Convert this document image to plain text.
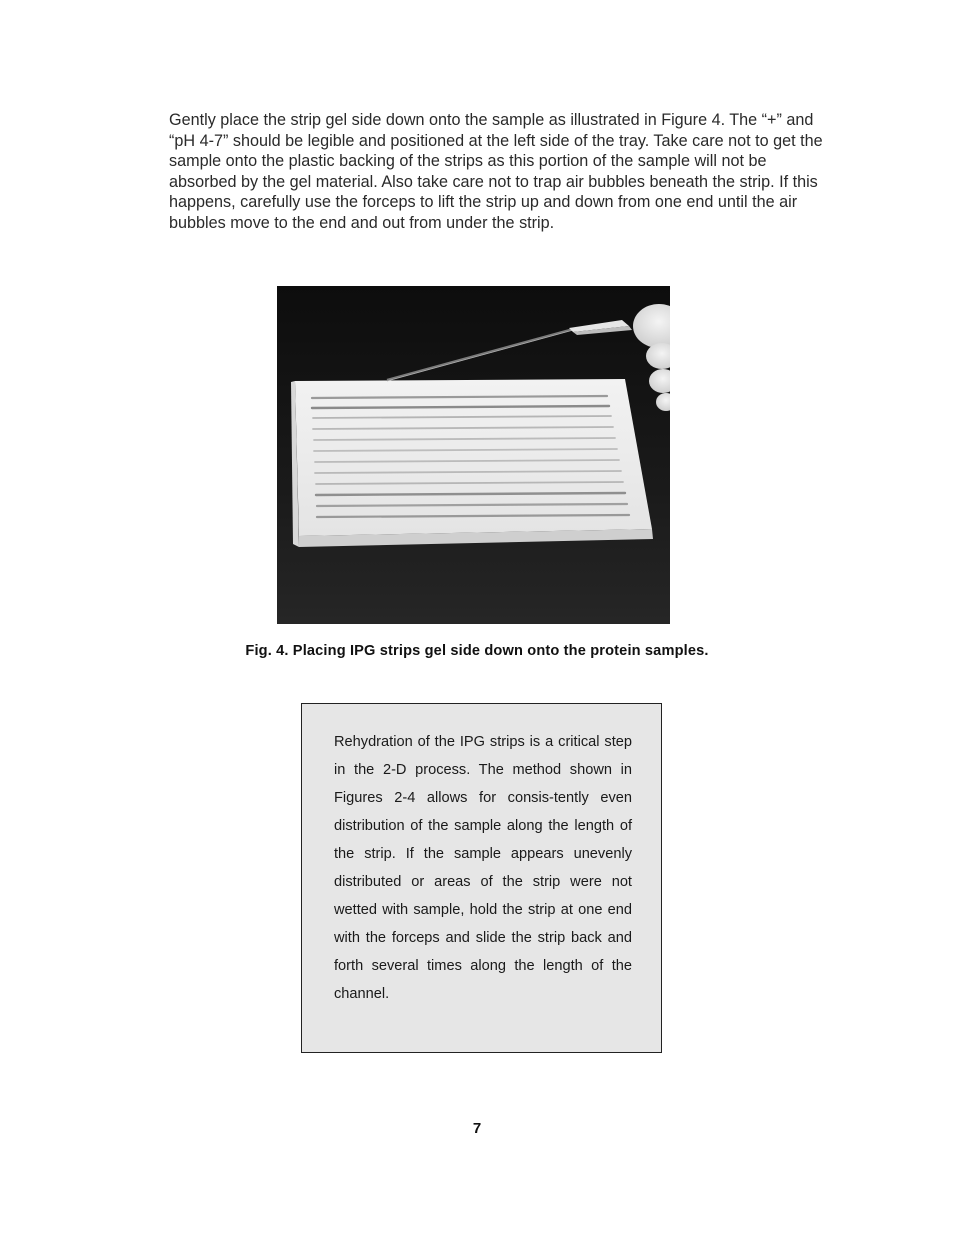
Gently place the strip gel side down onto the sample as illustrated in Figure 4. The “+” and “pH 4-7” should be legible and positioned at the left side of the tray. Take care not to get the sample onto the plastic backing of the strips as this portion of the sample will not be absorbed by the gel material. Also take care not to trap air bubbles beneath the strip. If this happens, carefully use the forceps to lift the strip up and down from one end until the air bubbles move to the end and out from under the strip.

Fig. 4. Placing IPG strips gel side down onto the protein samples.

Rehydration of the IPG strips is a critical step in the 2-D process. The method shown in Figures 2-4 allows for consis-tently even distribution of the sample along the length of the strip. If the sample appears unevenly distributed or areas of the strip were not wetted with sample, hold the strip at one end with the forceps and slide the strip back and forth several times along the length of the channel.

7
